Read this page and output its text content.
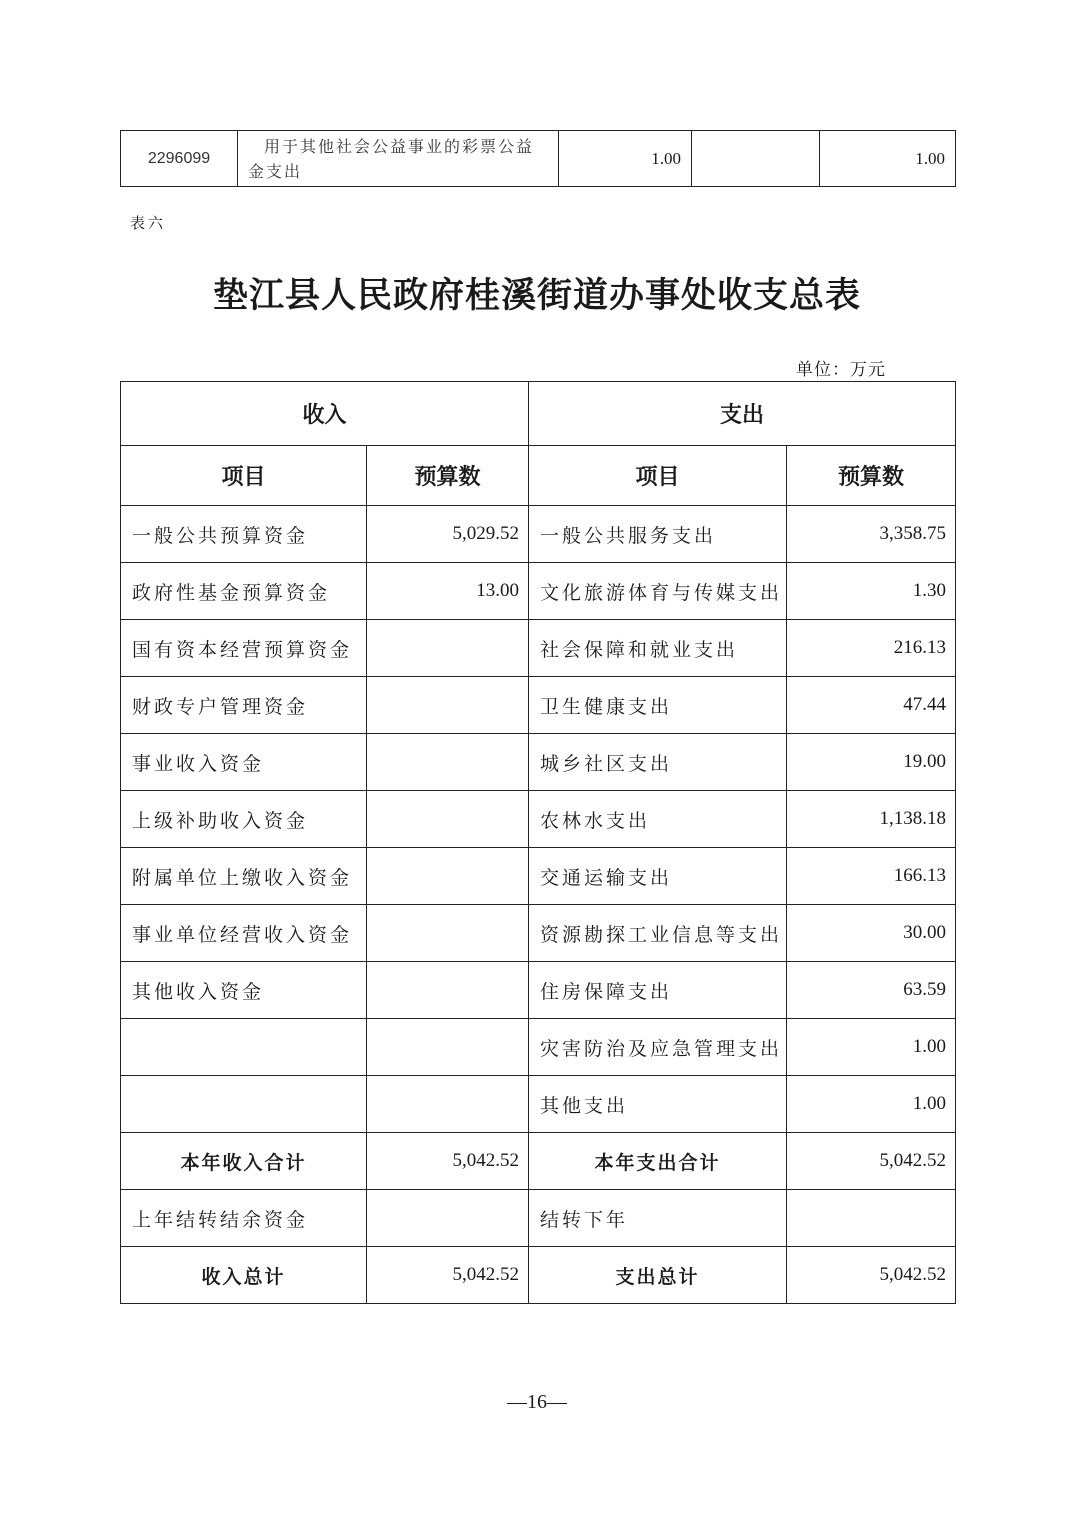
2296099	用于其他社会公益事业的彩票公益金支出	1.00		1.00
表六
垫江县人民政府桂溪街道办事处收支总表
单位：万元
收入		支出	
项目	预算数	项目	预算数
一般公共预算资金	5,029.52	一般公共服务支出	3,358.75
政府性基金预算资金	13.00	文化旅游体育与传媒支出	1.30
国有资本经营预算资金		社会保障和就业支出	216.13
财政专户管理资金		卫生健康支出	47.44
事业收入资金		城乡社区支出	19.00
上级补助收入资金		农林水支出	1,138.18
附属单位上缴收入资金		交通运输支出	166.13
事业单位经营收入资金		资源勘探工业信息等支出	30.00
其他收入资金		住房保障支出	63.59
		灾害防治及应急管理支出	1.00
		其他支出	1.00
本年收入合计	5,042.52	本年支出合计	5,042.52
上年结转结余资金		结转下年	
收入总计	5,042.52	支出总计	5,042.52
—16—
